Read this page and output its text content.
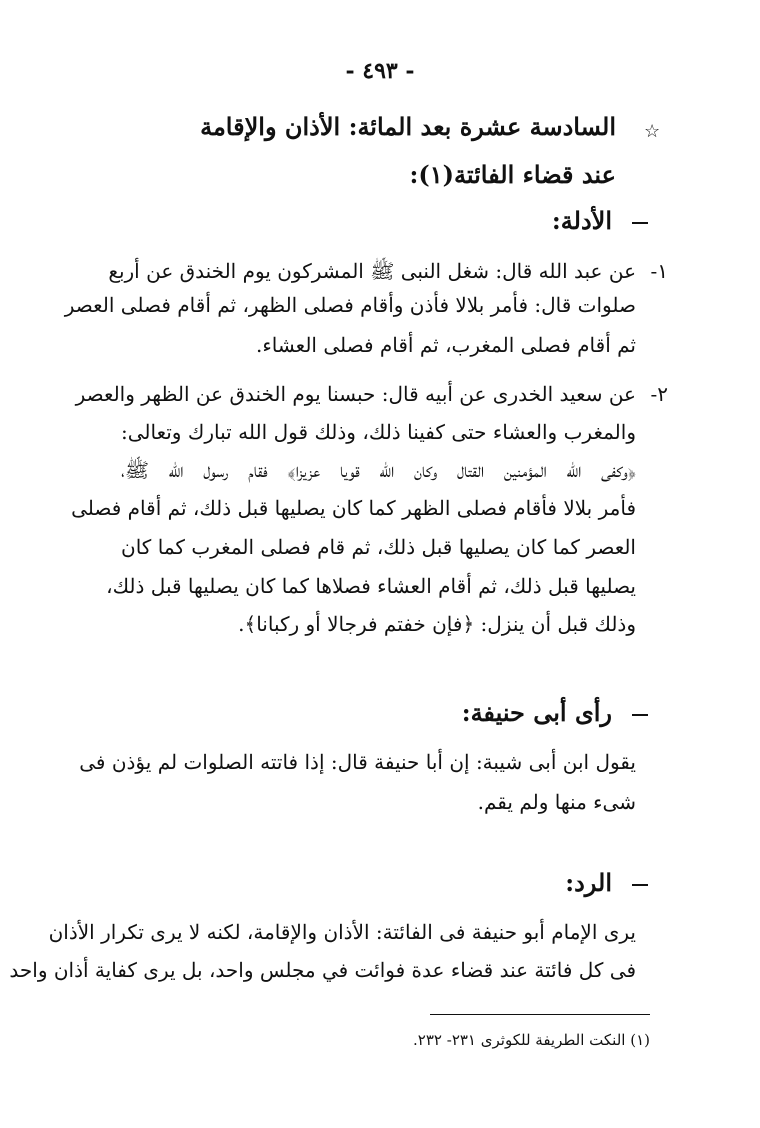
- ٤٩٣ -
☆
السادسة عشرة بعد المائة: الأذان والإقامة
عند قضاء الفائتة(١):
الأدلة:
١-
عن عبد الله قال: شغل النبى ﷺ المشركون يوم الخندق عن أربع
صلوات قال: فأمر بلالا فأذن وأقام فصلى الظهر، ثم أقام فصلى العصر
ثم أقام فصلى المغرب، ثم أقام فصلى العشاء.
٢-
عن سعيد الخدرى عن أبيه قال: حبسنا يوم الخندق عن الظهر والعصر
والمغرب والعشاء حتى كفينا ذلك، وذلك قول الله تبارك وتعالى:
﴿وكفى الله المؤمنين القتال وكان الله قويا عزيزا﴾ فقام رسول الله ﷺ،
فأمر بلالا فأقام فصلى الظهر كما كان يصليها قبل ذلك، ثم أقام فصلى
العصر كما كان يصليها قبل ذلك، ثم قام فصلى المغرب كما كان
يصليها قبل ذلك، ثم أقام العشاء فصلاها كما كان يصليها قبل ذلك،
وذلك قبل أن ينزل: ﴿فإن خفتم فرجالا أو ركبانا﴾.
رأى أبى حنيفة:
يقول ابن أبى شيبة: إن أبا حنيفة قال: إذا فاتته الصلوات لم يؤذن فى
شىء منها ولم يقم.
الرد:
يرى الإمام أبو حنيفة فى الفائتة: الأذان والإقامة، لكنه لا يرى تكرار الأذان
فى كل فائتة عند قضاء عدة فوائت في مجلس واحد، بل يرى كفاية أذان واحد
(١) النكت الطريفة للكوثرى ٢٣١- ٢٣٢.
